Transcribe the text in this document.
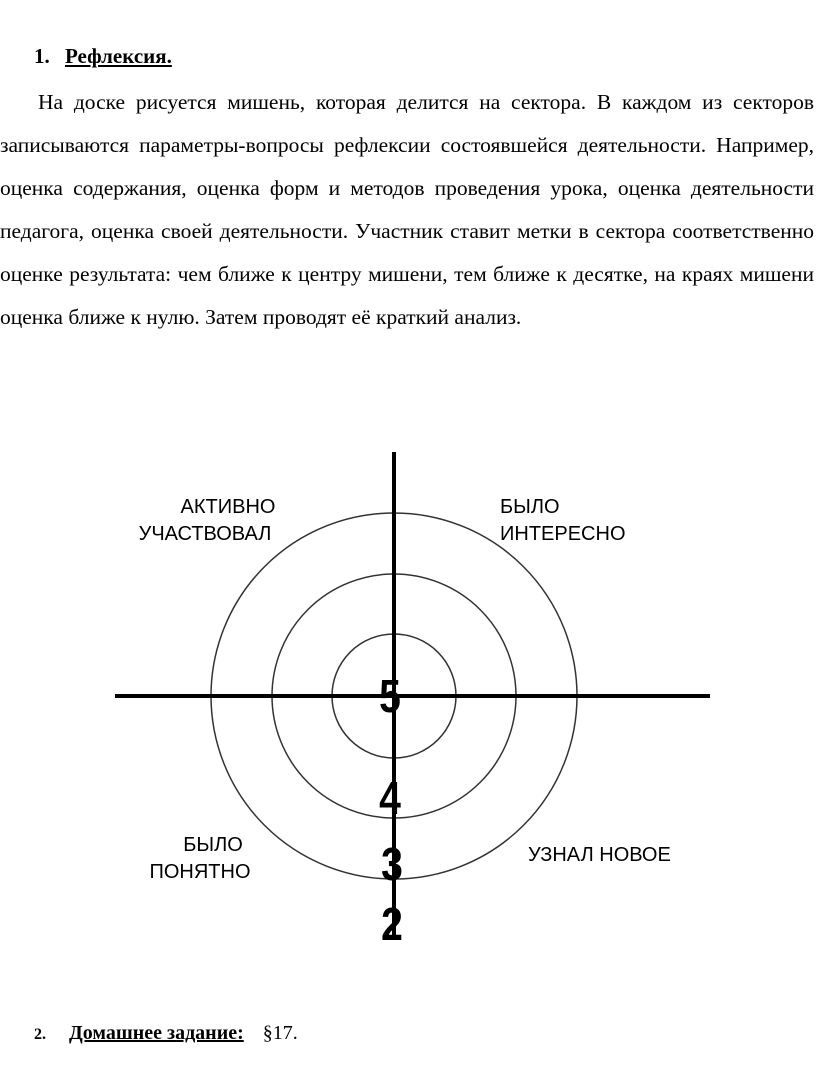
1. Рефлексия.

На доске рисуется мишень, которая делится на сектора. В каждом из секторов записываются параметры-вопросы рефлексии состоявшейся деятельности. Например, оценка содержания, оценка форм и методов проведения урока, оценка деятельности педагога, оценка своей деятельности. Участник ставит метки в сектора соответственно оценке результата: чем ближе к центру мишени, тем ближе к десятке, на краях мишени оценка ближе к нулю. Затем проводят её краткий анализ.

АКТИВНО
УЧАСТВОВАЛ
БЫЛО
ИНТЕРЕСНО
БЫЛО
ПОНЯТНО
УЗНАЛ НОВОЕ
5
4
3
2
2. Домашнее задание: §17.
